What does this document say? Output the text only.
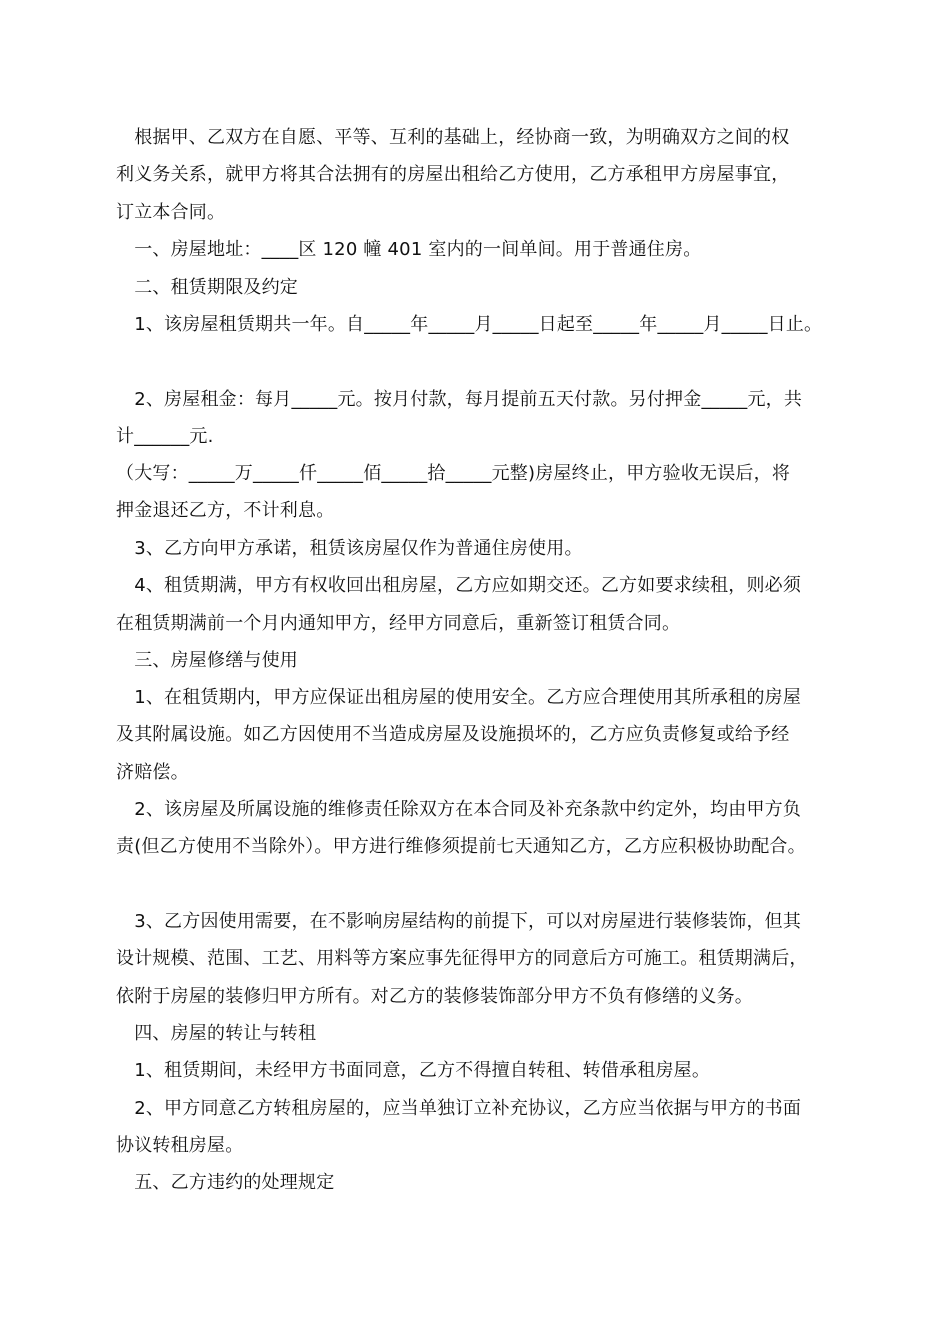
　根据甲、乙双方在自愿、平等、互利的基础上，经协商一致，为明确双方之间的权
利义务关系，就甲方将其合法拥有的房屋出租给乙方使用，乙方承租甲方房屋事宜，
订立本合同。
　一、房屋地址：____区 120 幢 401 室内的一间单间。用于普通住房。
　二、租赁期限及约定
　1、该房屋租赁期共一年。自_____年_____月_____日起至_____年_____月_____日止。
　2、房屋租金：每月_____元。按月付款，每月提前五天付款。另付押金_____元，共
计______元.
（大写：_____万_____仟_____佰_____拾_____元整)房屋终止，甲方验收无误后，将
押金退还乙方，不计利息。
　3、乙方向甲方承诺，租赁该房屋仅作为普通住房使用。
　4、租赁期满，甲方有权收回出租房屋，乙方应如期交还。乙方如要求续租，则必须
在租赁期满前一个月内通知甲方，经甲方同意后，重新签订租赁合同。
　三、房屋修缮与使用
　1、在租赁期内，甲方应保证出租房屋的使用安全。乙方应合理使用其所承租的房屋
及其附属设施。如乙方因使用不当造成房屋及设施损坏的，乙方应负责修复或给予经
济赔偿。
　2、该房屋及所属设施的维修责任除双方在本合同及补充条款中约定外，均由甲方负
责(但乙方使用不当除外）。甲方进行维修须提前七天通知乙方，乙方应积极协助配合。
　3、乙方因使用需要，在不影响房屋结构的前提下，可以对房屋进行装修装饰，但其
设计规模、范围、工艺、用料等方案应事先征得甲方的同意后方可施工。租赁期满后，
依附于房屋的装修归甲方所有。对乙方的装修装饰部分甲方不负有修缮的义务。
　四、房屋的转让与转租
　1、租赁期间，未经甲方书面同意，乙方不得擅自转租、转借承租房屋。
　2、甲方同意乙方转租房屋的，应当单独订立补充协议，乙方应当依据与甲方的书面
协议转租房屋。
　五、乙方违约的处理规定
